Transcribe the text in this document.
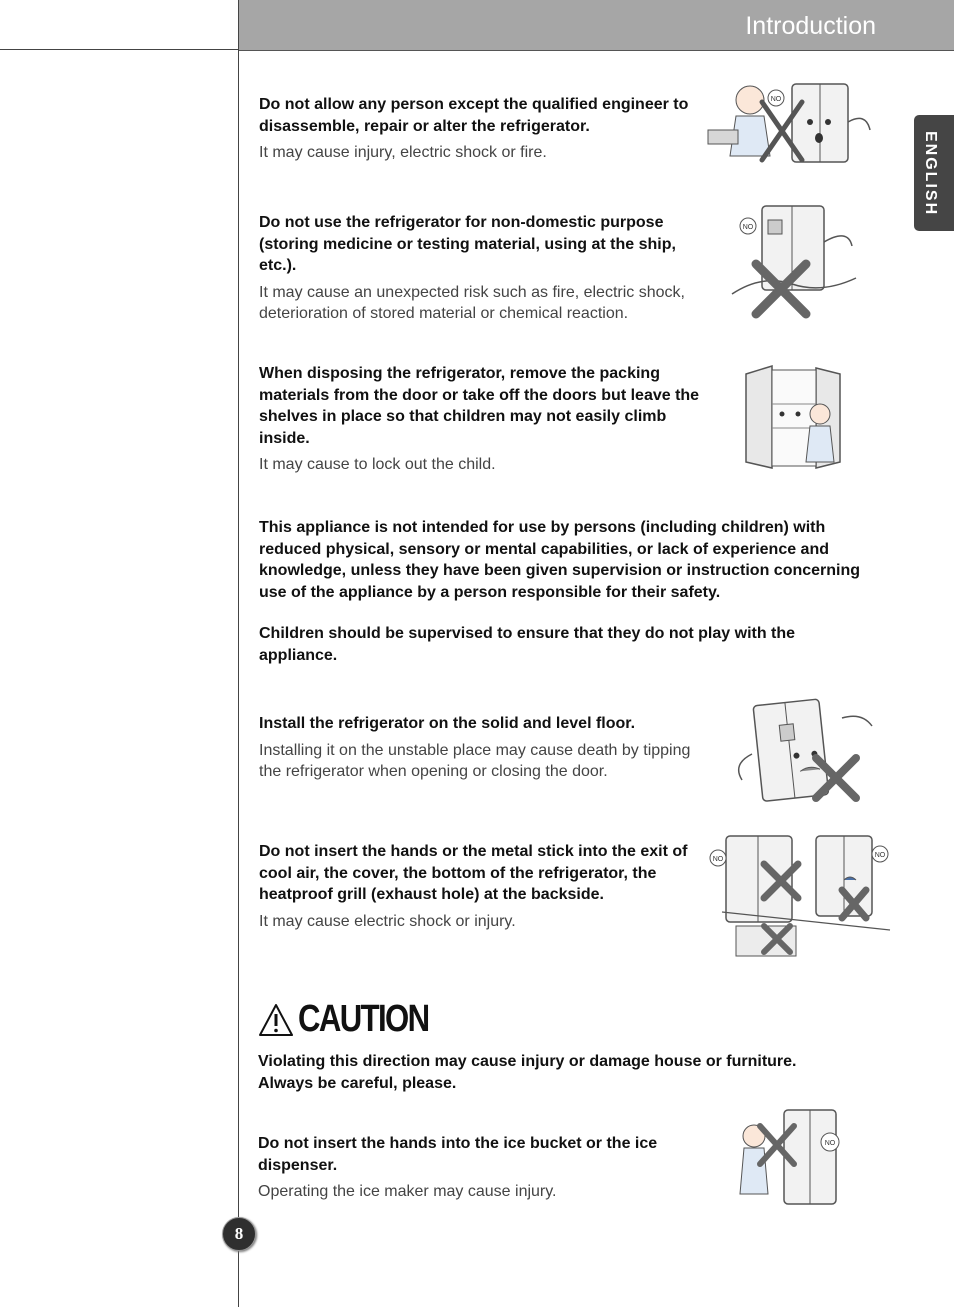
Introduction
ENGLISH
Do not allow any person except the qualified engineer to disassemble, repair or alter the refrigerator.
It may cause injury, electric shock or fire.
NO
Do not use the refrigerator for non-domestic purpose (storing medicine or testing material, using at the ship, etc.).
It may cause an unexpected risk such as fire, electric shock, deterioration of stored material or chemical reaction.
NO
When disposing the refrigerator, remove the packing materials from the door or take off the doors but leave the shelves in place so that children may not easily climb inside.
It may cause to lock out the child.
This appliance is not intended for use by persons (including children) with reduced physical, sensory or mental capabilities, or lack of experience and knowledge, unless they have been given supervision or instruction concerning use of the appliance by a person responsible for their safety.
Children should be supervised to ensure that they do not play with the appliance.
Install the refrigerator on the solid and level floor.
Installing it on the unstable place may cause death by tipping the refrigerator when opening or closing the door.
Do not insert the hands or the metal stick into the exit of cool air, the cover, the bottom of the refrigerator, the heatproof grill (exhaust hole) at the backside.
It may cause electric shock or injury.
NO
NO
CAUTION
Violating this direction may cause injury or damage house or furniture. Always be careful, please.
Do not insert the hands into the ice bucket or the ice dispenser.
Operating the ice maker may cause injury.
NO
8
